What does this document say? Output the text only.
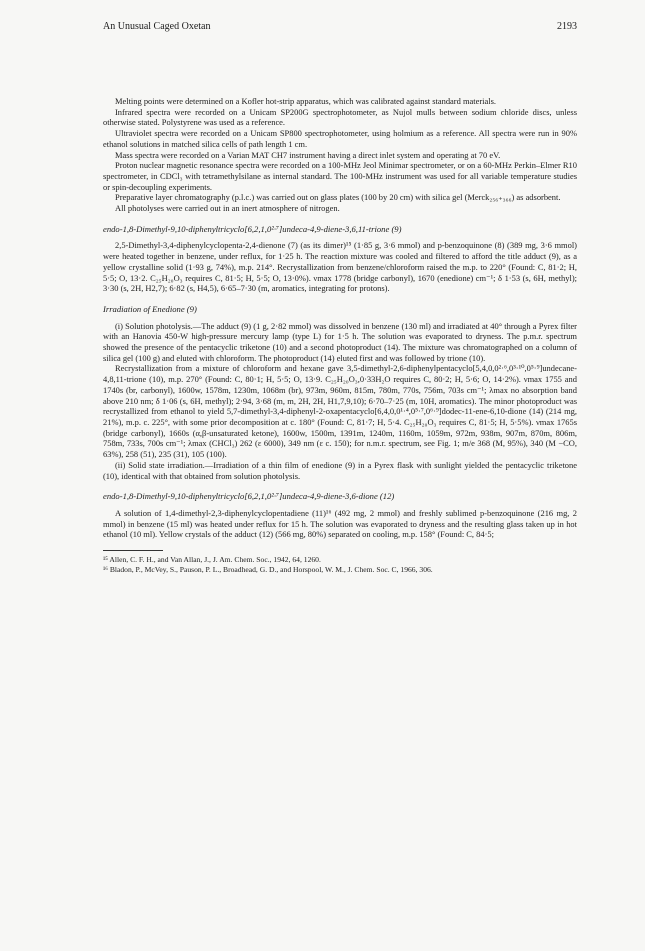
An Unusual Caged Oxetan	2193

Melting points were determined on a Kofler hot-strip apparatus, which was calibrated against standard materials.

Infrared spectra were recorded on a Unicam SP200G spectrophotometer, as Nujol mulls between sodium chloride discs, unless otherwise stated. Polystyrene was used as a reference.

Ultraviolet spectra were recorded on a Unicam SP800 spectrophotometer, using holmium as a reference. All spectra were run in 90% ethanol solutions in matched silica cells of path length 1 cm.

Mass spectra were recorded on a Varian MAT CH7 instrument having a direct inlet system and operating at 70 eV.

Proton nuclear magnetic resonance spectra were recorded on a 100-MHz Jeol Minimar spectrometer, or on a 60-MHz Perkin–Elmer R10 spectrometer, in CDCl₃ with tetramethylsilane as internal standard. The 100-MHz instrument was used for all variable temperature studies or spin-decoupling experiments.

Preparative layer chromatography (p.l.c.) was carried out on glass plates (100 by 20 cm) with silica gel (Merck₂₅₆₊₃₆₆) as adsorbent.

All photolyses were carried out in an inert atmosphere of nitrogen.

endo-1,8-Dimethyl-9,10-diphenyltricyclo[6,2,1,0²·⁷]undeca-4,9-diene-3,6,11-trione (9)

2,5-Dimethyl-3,4-diphenylcyclopenta-2,4-dienone (7) (as its dimer)¹⁵ (1·85 g, 3·6 mmol) and p-benzoquinone (8) (389 mg, 3·6 mmol) were heated together in benzene, under reflux, for 1·25 h. The reaction mixture was cooled and filtered to afford the title adduct (9), as a yellow crystalline solid (1·93 g, 74%), m.p. 214°. Recrystallization from benzene/chloroform raised the m.p. to 220° (Found: C, 81·2; H, 5·5; O, 13·2. C₂₅H₂₀O₃ requires C, 81·5; H, 5·5; O, 13·0%). νmax 1778 (bridge carbonyl), 1670 (enedione) cm⁻¹; δ 1·53 (s, 6H, methyl); 3·30 (s, 2H, H2,7); 6·82 (s, H4,5), 6·65–7·30 (m, aromatics, integrating for protons).

Irradiation of Enedione (9)

(i) Solution photolysis.—The adduct (9) (1 g, 2·82 mmol) was dissolved in benzene (130 ml) and irradiated at 40° through a Pyrex filter with an Hanovia 450-W high-pressure mercury lamp (type L) for 1·5 h. The solution was evaporated to dryness. The p.m.r. spectrum showed the presence of the pentacyclic triketone (10) and a second photoproduct (14). The mixture was chromatographed on a column of silica gel (100 g) and eluted with chloroform. The photoproduct (14) eluted first and was followed by trione (10).

Recrystallization from a mixture of chloroform and hexane gave 3,5-dimethyl-2,6-diphenylpentacyclo[5,4,0,0²·⁶,0³·¹⁰,0⁵·⁹]undecane-4,8,11-trione (10), m.p. 270° (Found: C, 80·1; H, 5·5; O, 13·9. C₂₅H₂₀O₃,0·33H₂O requires C, 80·2; H, 5·6; O, 14·2%). νmax 1755 and 1740s (br, carbonyl), 1600w, 1578m, 1230m, 1068m (br), 973m, 960m, 815m, 780m, 770s, 756m, 703s cm⁻¹; λmax no absorption band above 210 nm; δ 1·06 (s, 6H, methyl); 2·94, 3·68 (m, m, 2H, 2H, H1,7,9,10); 6·70–7·25 (m, 10H, aromatics). The minor photoproduct was recrystallized from ethanol to yield 5,7-dimethyl-3,4-diphenyl-2-oxapentacyclo[6,4,0,0¹·⁴,0⁵·⁷,0⁶·⁹]dodec-11-ene-6,10-dione (14) (214 mg, 21%), m.p. c. 225°, with some prior decomposition at c. 180° (Found: C, 81·7; H, 5·4. C₂₅H₂₀O₃ requires C, 81·5; H, 5·5%). νmax 1765s (bridge carbonyl), 1660s (α,β-unsaturated ketone), 1600w, 1500m, 1391m, 1240m, 1160m, 1059m, 972m, 938m, 907m, 870m, 806m, 758m, 733s, 700s cm⁻¹; λmax (CHCl₃) 262 (ε 6000), 349 nm (ε c. 150); for n.m.r. spectrum, see Fig. 1; m/e 368 (M, 95%), 340 (M −CO, 63%), 258 (51), 235 (31), 105 (100).

(ii) Solid state irradiation.—Irradiation of a thin film of enedione (9) in a Pyrex flask with sunlight yielded the pentacyclic triketone (10), identical with that obtained from solution photolysis.

endo-1,8-Dimethyl-9,10-diphenyltricyclo[6,2,1,0²·⁷]undeca-4,9-diene-3,6-dione (12)

A solution of 1,4-dimethyl-2,3-diphenylcyclopentadiene (11)¹⁶ (492 mg, 2 mmol) and freshly sublimed p-benzoquinone (216 mg, 2 mmol) in benzene (15 ml) was heated under reflux for 15 h. The solution was evaporated to dryness and the resulting glass taken up in hot ethanol (10 ml). Yellow crystals of the adduct (12) (566 mg, 80%) separated on cooling, m.p. 158° (Found: C, 84·5;

¹⁵ Allen, C. F. H., and Van Allan, J., J. Am. Chem. Soc., 1942, 64, 1260.

¹⁶ Bladon, P., McVey, S., Pauson, P. L., Broadhead, G. D., and Horspool, W. M., J. Chem. Soc. C, 1966, 306.
